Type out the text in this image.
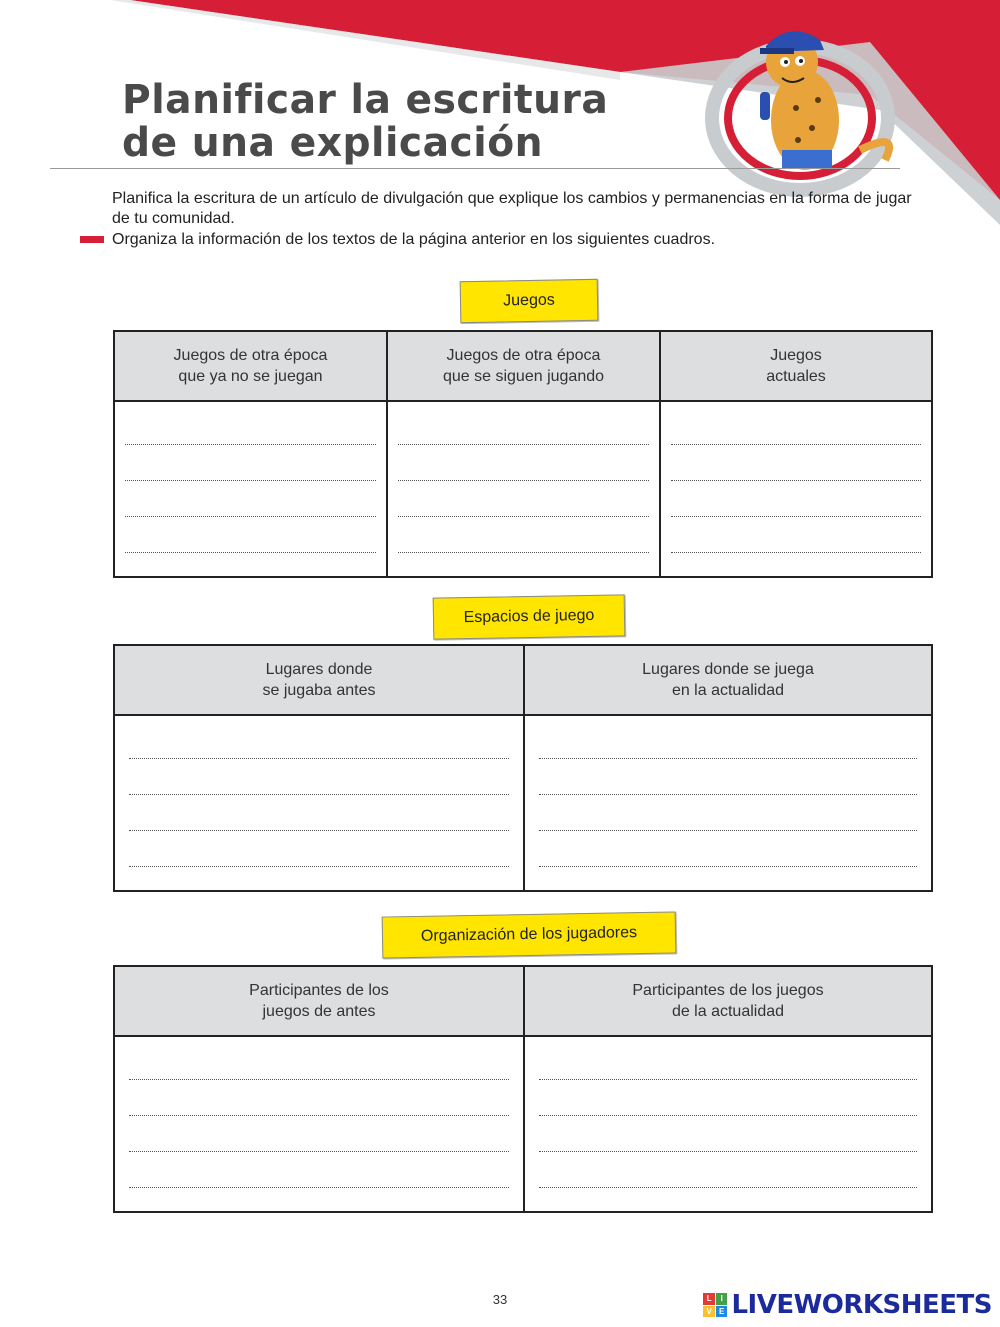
Planificar la escritura
de una explicación
Planifica la escritura de un artículo de divulgación que explique los cambios y permanencias en la forma de jugar de tu comunidad.
Organiza la información de los textos de la página anterior en los siguientes cuadros.
Juegos
Juegos de otra época
que ya no se juegan
Juegos de otra época
que se siguen jugando
Juegos
actuales
Espacios de juego
Lugares donde
se jugaba antes
Lugares donde se juega
en la actualidad
Organización de los jugadores
Participantes de los
juegos de antes
Participantes de los juegos
de la actualidad
33	L	I
V E LIVEWORKSHEETS
